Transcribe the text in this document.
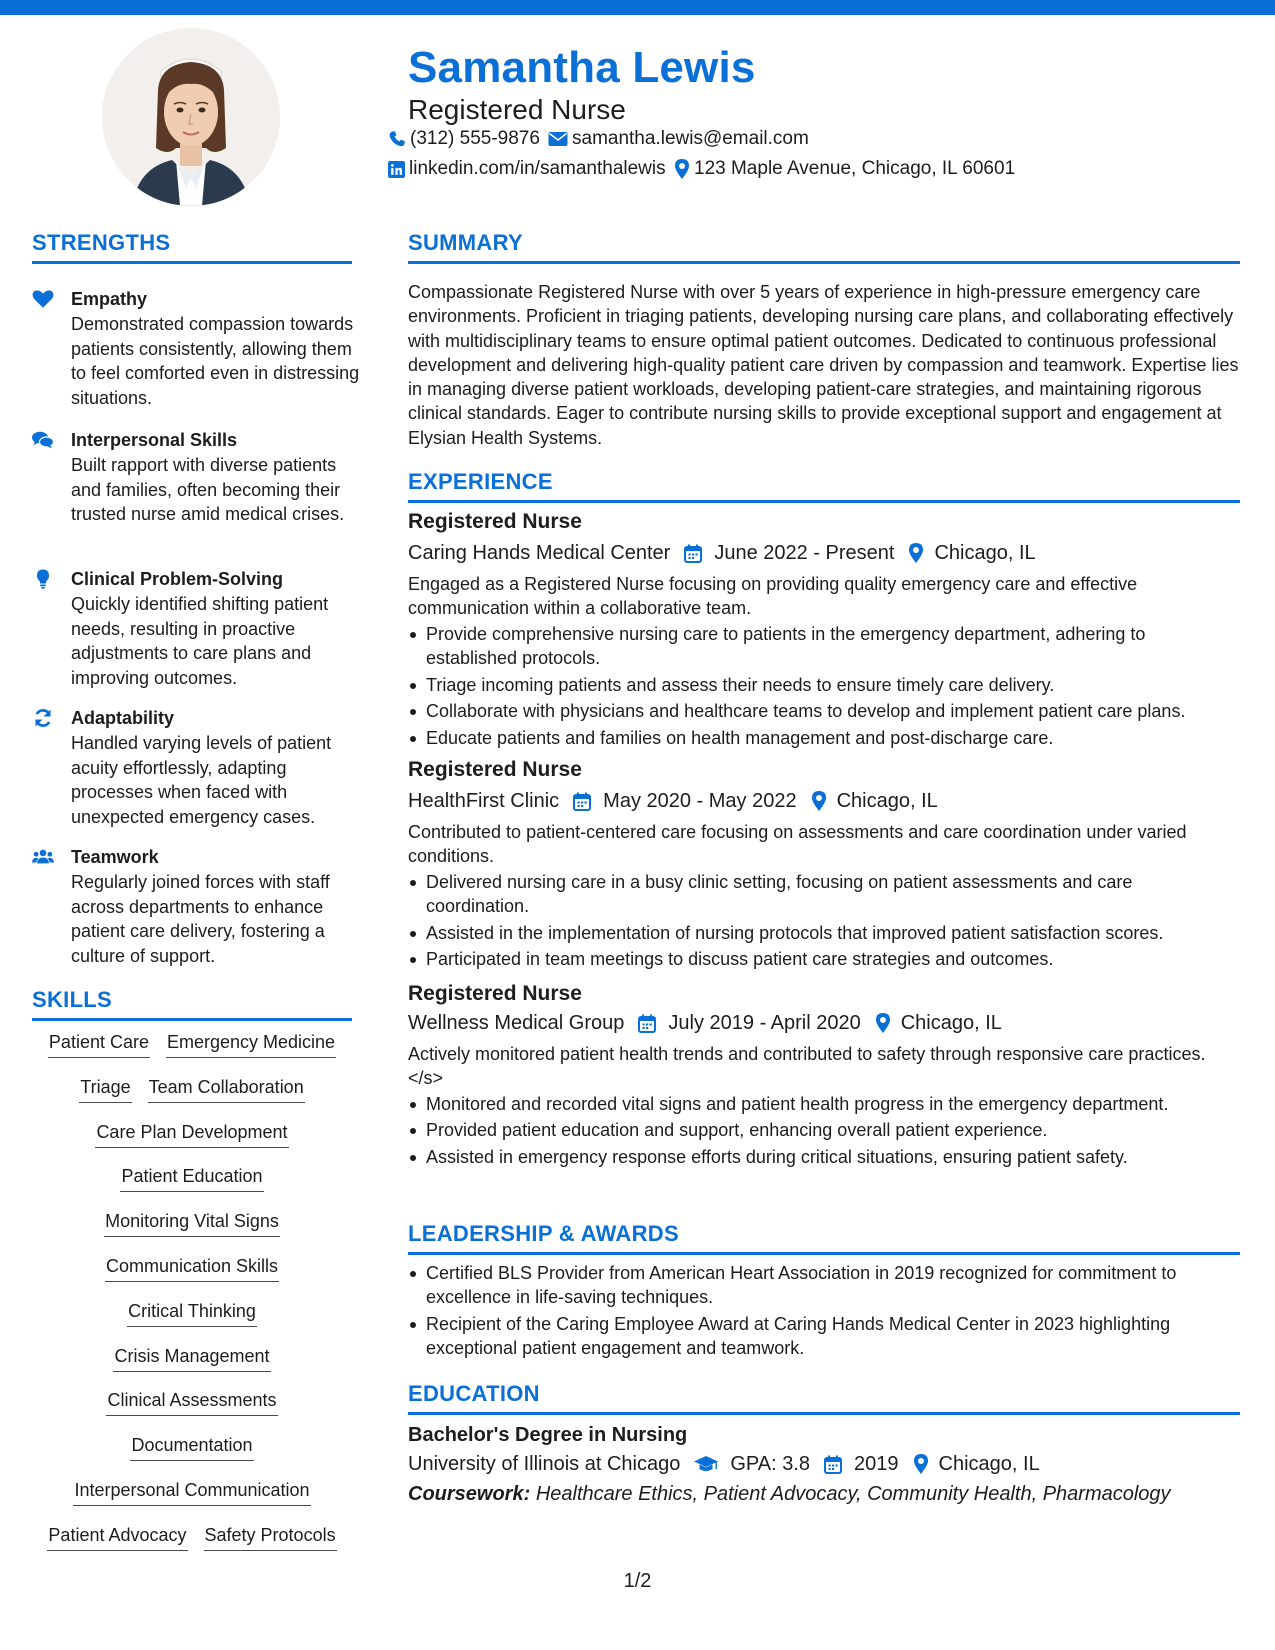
Samantha Lewis
Registered Nurse
(312) 555-9876 samantha.lewis@email.com
linkedin.com/in/samanthalewis 123 Maple Avenue, Chicago, IL 60601
STRENGTHS
Empathy
Demonstrated compassion towards patients consistently, allowing them to feel comforted even in distressing situations.
Interpersonal Skills
Built rapport with diverse patients and families, often becoming their trusted nurse amid medical crises.
Clinical Problem-Solving
Quickly identified shifting patient needs, resulting in proactive adjustments to care plans and improving outcomes.
Adaptability
Handled varying levels of patient acuity effortlessly, adapting processes when faced with unexpected emergency cases.
Teamwork
Regularly joined forces with staff across departments to enhance patient care delivery, fostering a culture of support.
SKILLS
Patient Care Emergency Medicine
Triage Team Collaboration
Care Plan Development
Patient Education
Monitoring Vital Signs
Communication Skills
Critical Thinking
Crisis Management
Clinical Assessments
Documentation
Interpersonal Communication
Patient Advocacy Safety Protocols
SUMMARY
Compassionate Registered Nurse with over 5 years of experience in high-pressure emergency care environments. Proficient in triaging patients, developing nursing care plans, and collaborating effectively with multidisciplinary teams to ensure optimal patient outcomes. Dedicated to continuous professional development and delivering high-quality patient care driven by compassion and teamwork. Expertise lies in managing diverse patient workloads, developing patient-care strategies, and maintaining rigorous clinical standards. Eager to contribute nursing skills to provide exceptional support and engagement at Elysian Health Systems.
EXPERIENCE
Registered Nurse
Caring Hands Medical Center June 2022 - Present Chicago, IL
Engaged as a Registered Nurse focusing on providing quality emergency care and effective communication within a collaborative team.
Provide comprehensive nursing care to patients in the emergency department, adhering to established protocols.
Triage incoming patients and assess their needs to ensure timely care delivery.
Collaborate with physicians and healthcare teams to develop and implement patient care plans.
Educate patients and families on health management and post-discharge care.
Registered Nurse
HealthFirst Clinic May 2020 - May 2022 Chicago, IL
Contributed to patient-centered care focusing on assessments and care coordination under varied conditions.
Delivered nursing care in a busy clinic setting, focusing on patient assessments and care coordination.
Assisted in the implementation of nursing protocols that improved patient satisfaction scores.
Participated in team meetings to discuss patient care strategies and outcomes.
Registered Nurse
Wellness Medical Group July 2019 - April 2020 Chicago, IL
Actively monitored patient health trends and contributed to safety through responsive care practices.</s>
Monitored and recorded vital signs and patient health progress in the emergency department.
Provided patient education and support, enhancing overall patient experience.
Assisted in emergency response efforts during critical situations, ensuring patient safety.
LEADERSHIP & AWARDS
Certified BLS Provider from American Heart Association in 2019 recognized for commitment to excellence in life-saving techniques.
Recipient of the Caring Employee Award at Caring Hands Medical Center in 2023 highlighting exceptional patient engagement and teamwork.
EDUCATION
Bachelor's Degree in Nursing
University of Illinois at Chicago	GPA: 3.8 2019 Chicago, IL
Coursework: Healthcare Ethics, Patient Advocacy, Community Health, Pharmacology
1/2
